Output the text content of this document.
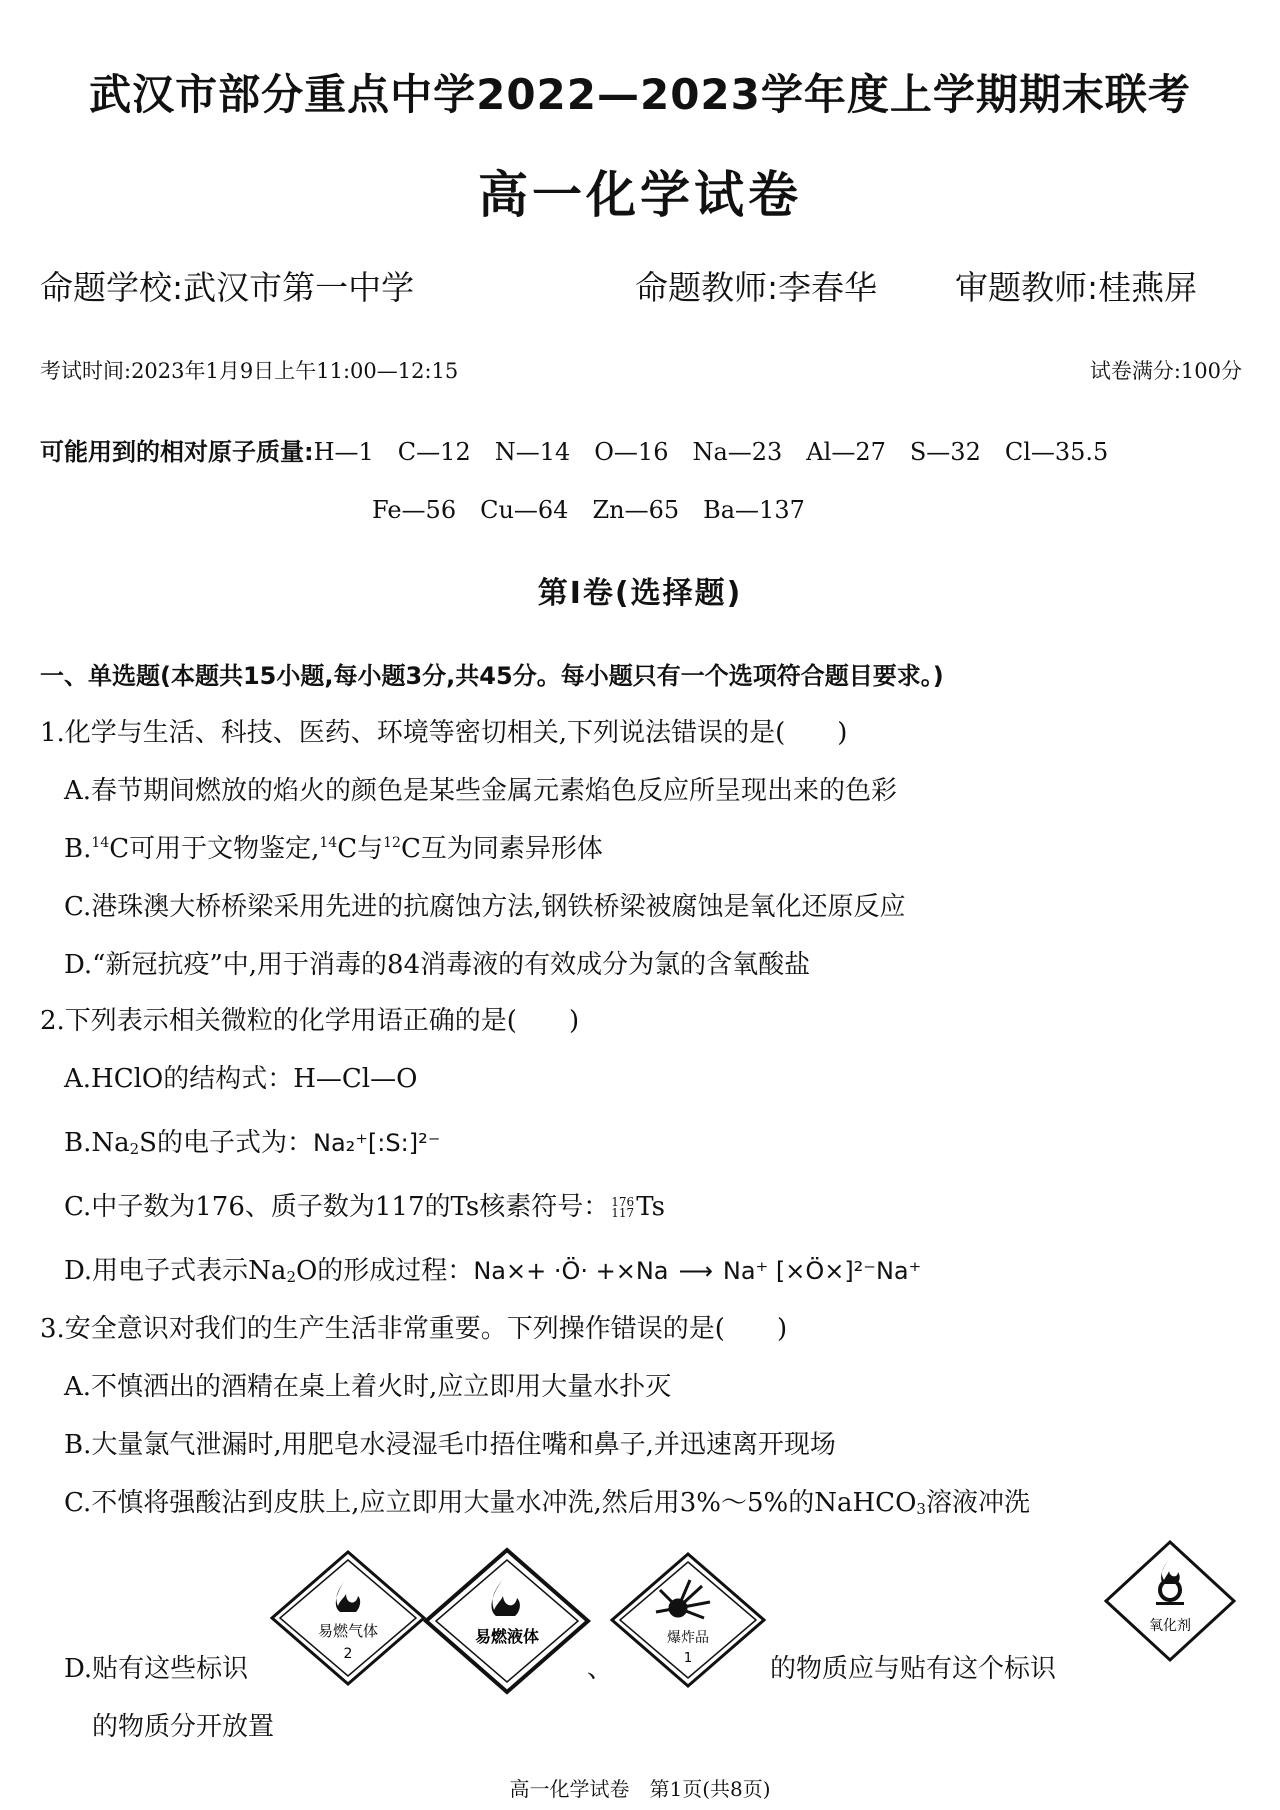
武汉市部分重点中学2022—2023学年度上学期期末联考
高一化学试卷
命题学校:武汉市第一中学	命题教师:李春华 审题教师:桂燕屏
考试时间:2023年1月9日上午11:00—12:15	试卷满分:100分
可能用到的相对原子质量:H—1　C—12　N—14　O—16　Na—23　Al—27　S—32　Cl—35.5
Fe—56　Cu—64　Zn—65　Ba—137
第Ⅰ卷(选择题)
一、单选题(本题共15小题,每小题3分,共45分。每小题只有一个选项符合题目要求。)
1.化学与生活、科技、医药、环境等密切相关,下列说法错误的是(　　)
A.春节期间燃放的焰火的颜色是某些金属元素焰色反应所呈现出来的色彩
B.$^{14}$C可用于文物鉴定,$^{14}$C与$^{12}$C互为同素异形体
C.港珠澳大桥桥梁采用先进的抗腐蚀方法,钢铁桥梁被腐蚀是氧化还原反应
D.“新冠抗疫”中,用于消毒的84消毒液的有效成分为氯的含氧酸盐
2.下列表示相关微粒的化学用语正确的是(　　)
A.HClO的结构式：H—Cl—O
$B.Na_2S$的电子式为：Na₂⁺[:S:]²⁻
C.中子数为176、质子数为117的Ts核素符号： 176
117 Ts
D.用电子式表示$Na_2O$的形成过程：Na×+ ·Ö· +×Na ⟶ Na⁺ [×Ö×]²⁻Na⁺
3.安全意识对我们的生产生活非常重要。下列操作错误的是(　　)
A.不慎洒出的酒精在桌上着火时,应立即用大量水扑灭
B.大量氯气泄漏时,用肥皂水浸湿毛巾捂住嘴和鼻子,并迅速离开现场
C.不慎将强酸沾到皮肤上,应立即用大量水冲洗,然后用3%～5%的NaHCO$_3$溶液冲洗
易燃气体
2
易燃液体	爆炸品
1
氧化剂
D.贴有这些标识	、	的物质应与贴有这个标识
的物质分开放置
高一化学试卷　第1页(共8页)
